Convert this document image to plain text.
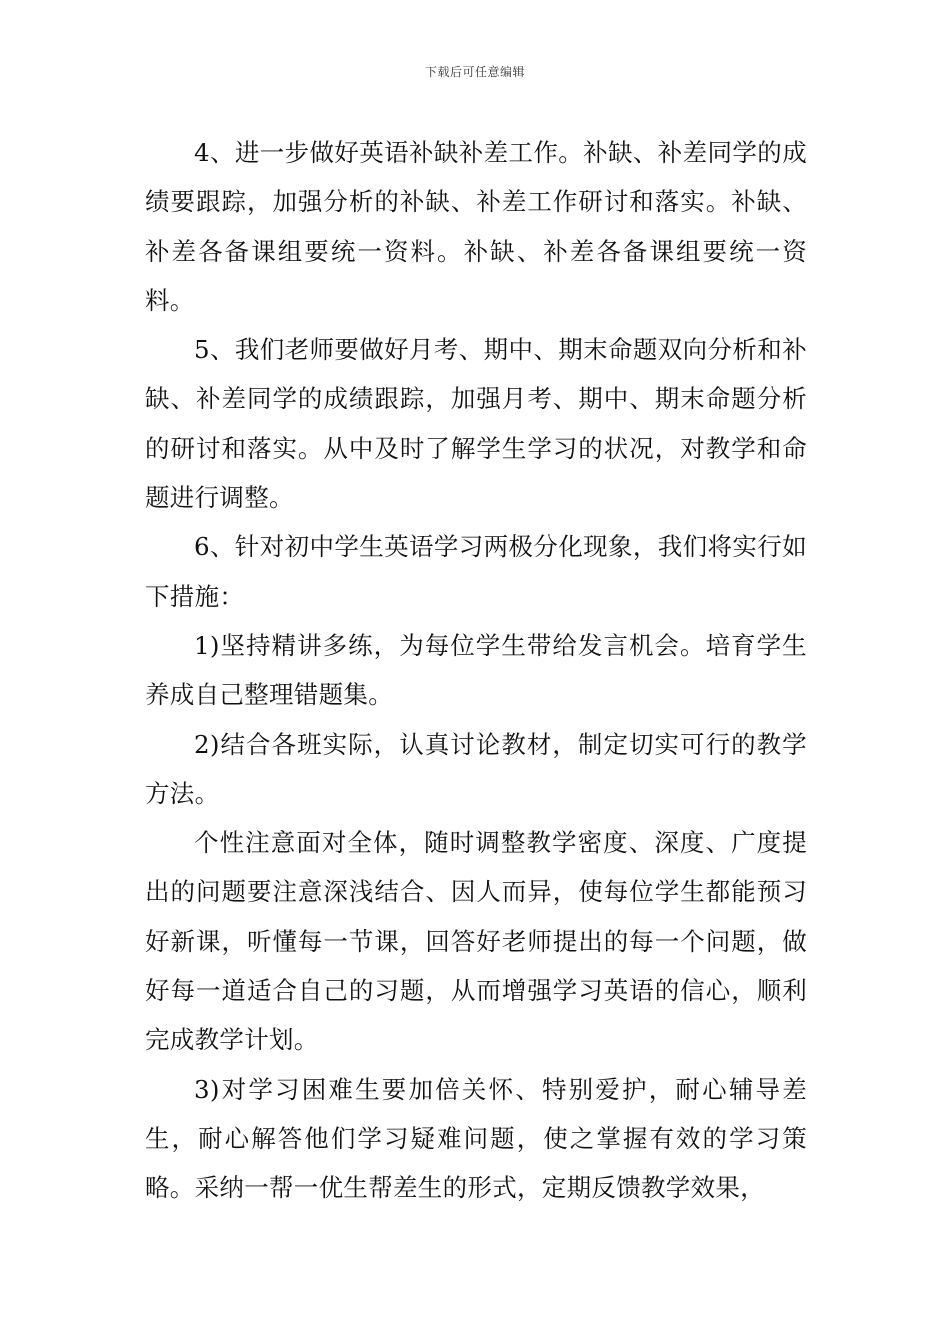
下载后可任意编辑

4、进一步做好英语补缺补差工作。补缺、补差同学的成绩要跟踪，加强分析的补缺、补差工作研讨和落实。补缺、补差各备课组要统一资料。补缺、补差各备课组要统一资料。

5、我们老师要做好月考、期中、期末命题双向分析和补缺、补差同学的成绩跟踪，加强月考、期中、期末命题分析的研讨和落实。从中及时了解学生学习的状况，对教学和命题进行调整。

6、针对初中学生英语学习两极分化现象，我们将实行如下措施：

1)坚持精讲多练，为每位学生带给发言机会。培育学生养成自己整理错题集。

2)结合各班实际，认真讨论教材，制定切实可行的教学方法。

个性注意面对全体，随时调整教学密度、深度、广度提出的问题要注意深浅结合、因人而异，使每位学生都能预习好新课，听懂每一节课，回答好老师提出的每一个问题，做好每一道适合自己的习题，从而增强学习英语的信心，顺利完成教学计划。

3)对学习困难生要加倍关怀、特别爱护，耐心辅导差生，耐心解答他们学习疑难问题，使之掌握有效的学习策略。采纳一帮一优生帮差生的形式，定期反馈教学效果，
